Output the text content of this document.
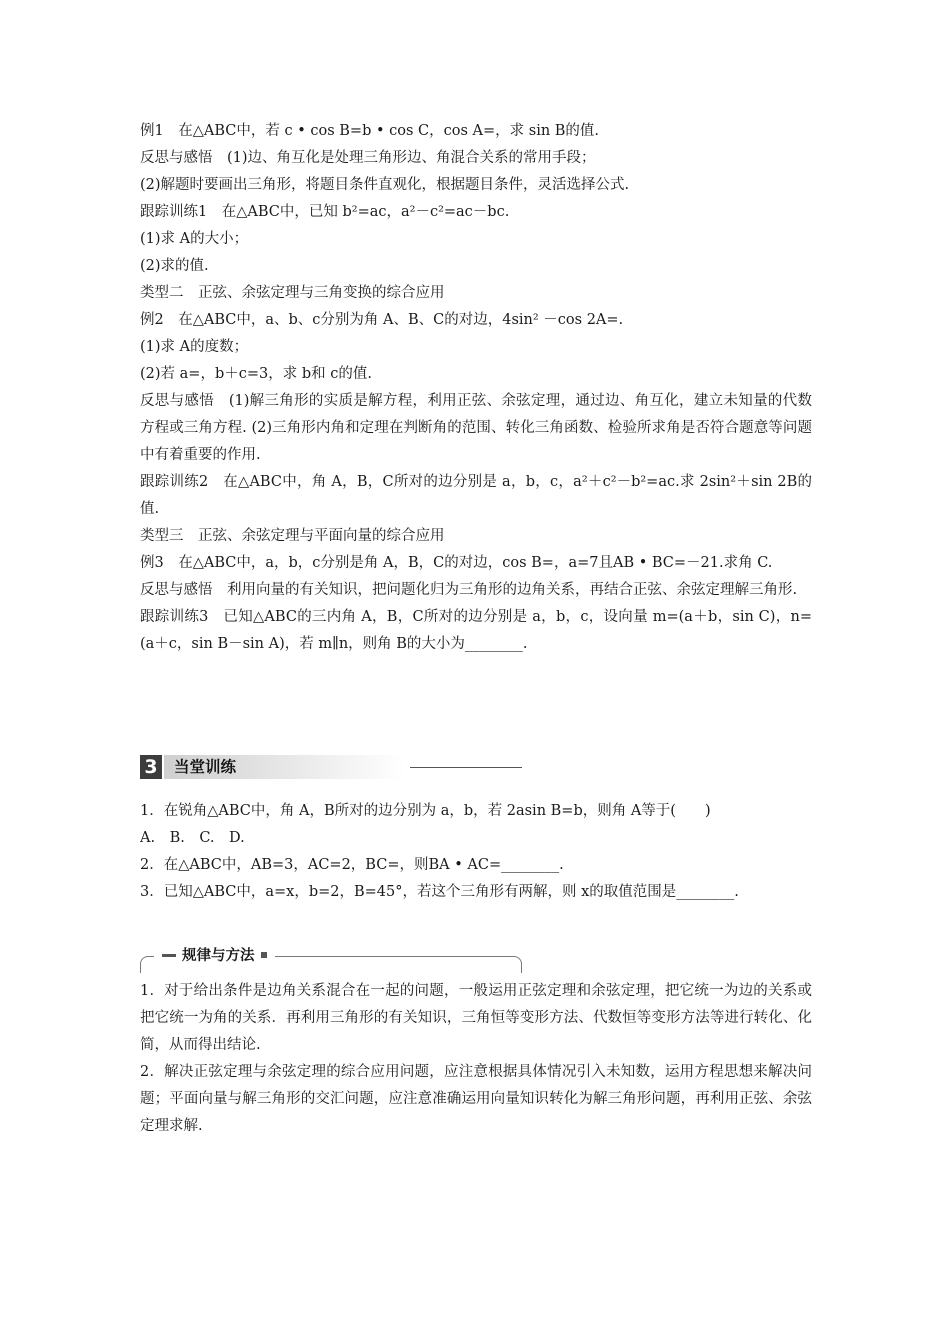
例1　在△ABC中，若 c • cos B=b • cos C，cos A=，求 sin B的值.
反思与感悟　(1)边、角互化是处理三角形边、角混合关系的常用手段；
(2)解题时要画出三角形，将题目条件直观化，根据题目条件，灵活选择公式.
跟踪训练1　在△ABC中，已知 b²=ac，a²－c²=ac－bc.
(1)求 A的大小；
(2)求的值.
类型二　正弦、余弦定理与三角变换的综合应用
例2　在△ABC中，a、b、c分别为角 A、B、C的对边，4sin² －cos 2A=.
(1)求 A的度数；
(2)若 a=，b＋c=3，求 b和 c的值.
反思与感悟　(1)解三角形的实质是解方程，利用正弦、余弦定理，通过边、角互化，建立未知量的代数方程或三角方程. (2)三角形内角和定理在判断角的范围、转化三角函数、检验所求角是否符合题意等问题中有着重要的作用.
跟踪训练2　在△ABC中，角 A，B，C所对的边分别是 a，b，c，a²＋c²－b²=ac.求 2sin²＋sin 2B的值.
类型三　正弦、余弦定理与平面向量的综合应用
例3　在△ABC中，a，b，c分别是角 A，B，C的对边，cos B=，a=7且AB • BC=－21.求角 C.
反思与感悟　利用向量的有关知识，把问题化归为三角形的边角关系，再结合正弦、余弦定理解三角形.
跟踪训练3　已知△ABC的三内角 A，B，C所对的边分别是 a，b，c，设向量 m=(a＋b，sin C)，n=(a＋c，sin B－sin A)，若 m∥n，则角 B的大小为________.
3 当堂训练
1．在锐角△ABC中，角 A，B所对的边分别为 a，b，若 2asin B=b，则角 A等于(　　)
A.　B.　C.　D.
2．在△ABC中，AB=3，AC=2，BC=，则BA • AC=________.
3．已知△ABC中，a=x，b=2，B=45°，若这个三角形有两解，则 x的取值范围是________.
规律与方法
1．对于给出条件是边角关系混合在一起的问题，一般运用正弦定理和余弦定理，把它统一为边的关系或把它统一为角的关系．再利用三角形的有关知识，三角恒等变形方法、代数恒等变形方法等进行转化、化简，从而得出结论.
2．解决正弦定理与余弦定理的综合应用问题，应注意根据具体情况引入未知数，运用方程思想来解决问题；平面向量与解三角形的交汇问题，应注意准确运用向量知识转化为解三角形问题，再利用正弦、余弦定理求解.
